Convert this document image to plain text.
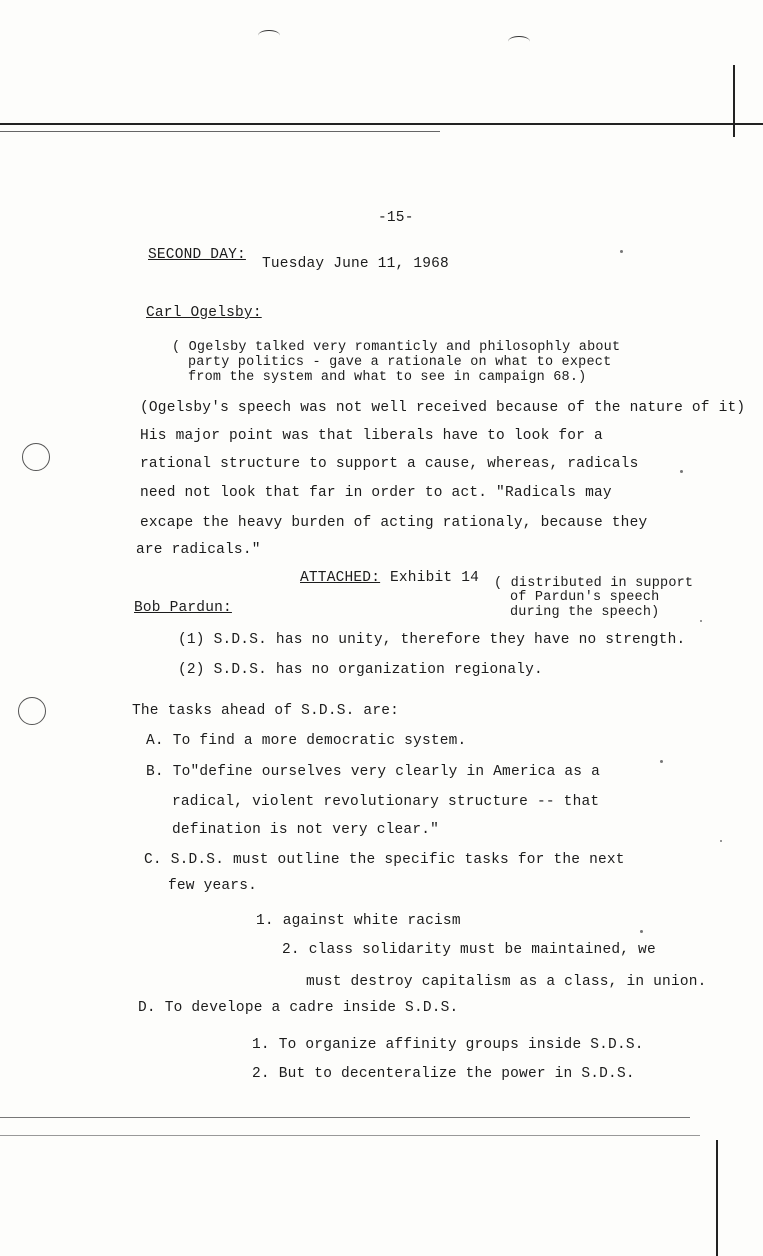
-15-
SECOND DAY:
Tuesday June 11, 1968
Carl Ogelsby:
( Ogelsby talked very romanticly and philosophly about
party politics - gave a rationale on what to expect
from the system and what to see in campaign 68.)
(Ogelsby's speech was not well received because of the nature of it)
His major point was that liberals have to look for a
rational structure to support a cause, whereas, radicals
need not look that far in order to act. "Radicals may
excape the heavy burden of acting rationaly, because they
are radicals."
ATTACHED: Exhibit 14 ( distributed in support
of Pardun's speech
during the speech)
Bob Pardun:
(1) S.D.S. has no unity, therefore they have no strength.
(2) S.D.S. has no organization regionaly.
The tasks ahead of S.D.S. are:
A. To find a more democratic system.
B. To"define ourselves very clearly in America as a
radical, violent revolutionary structure -- that
defination is not very clear."
C. S.D.S. must outline the specific tasks for the next
few years.
1. against white racism
2. class solidarity must be maintained, we
must destroy capitalism as a class, in union.
D. To develope a cadre inside S.D.S.
1. To organize affinity groups inside S.D.S.
2. But to decenteralize the power in S.D.S.
